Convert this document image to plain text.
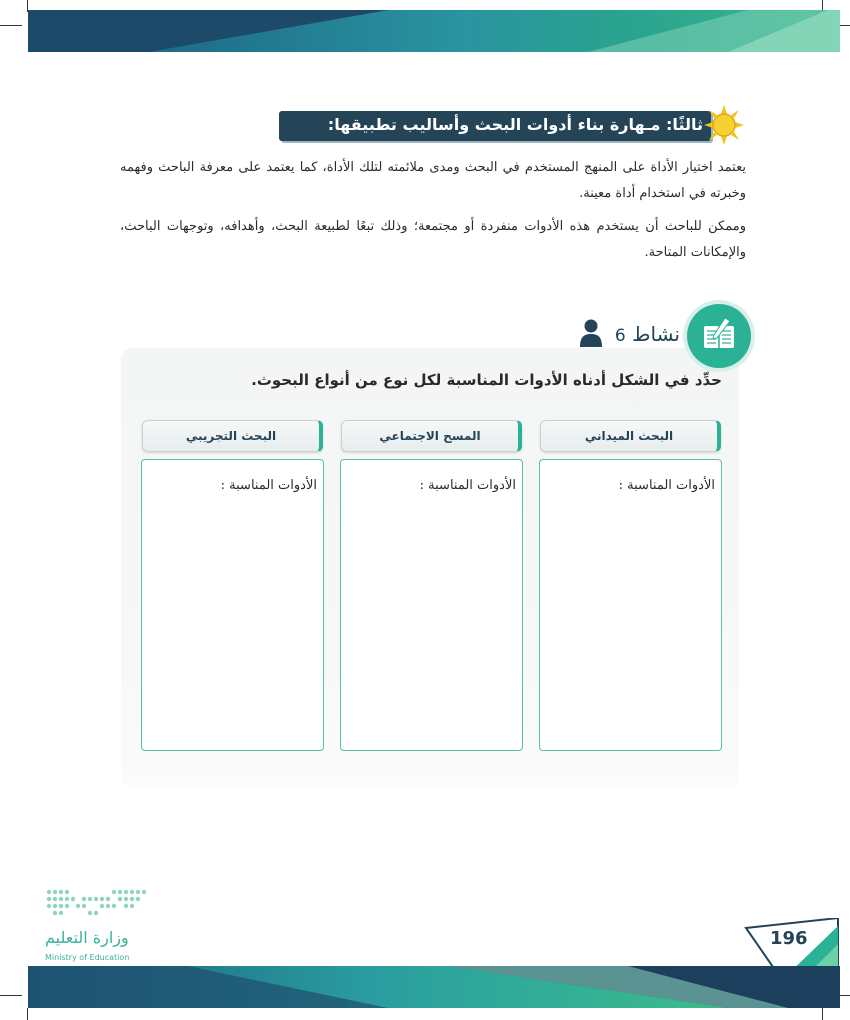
ثالثًا: مـهارة بناء أدوات البحث وأساليب تطبيقها:
يعتمد اختيار الأداة على المنهج المستخدم في البحث ومدى ملائمته لتلك الأداة، كما يعتمد على معرفة الباحث وفهمه وخبرته في استخدام أداة معينة.
وممكن للباحث أن يستخدم هذه الأدوات منفردة أو مجتمعة؛ وذلك تبعًا لطبيعة البحث، وأهدافه، وتوجهات الباحث، والإمكانات المتاحة.
نشاط 6
حدِّد في الشكل أدناه الأدوات المناسبة لكل نوع من أنواع البحوث.
البحث الميداني
المسح الاجتماعي
البحث التجريبي
الأدوات المناسبة :
الأدوات المناسبة :
الأدوات المناسبة :
وزارة التعليم
Ministry of Education
196
